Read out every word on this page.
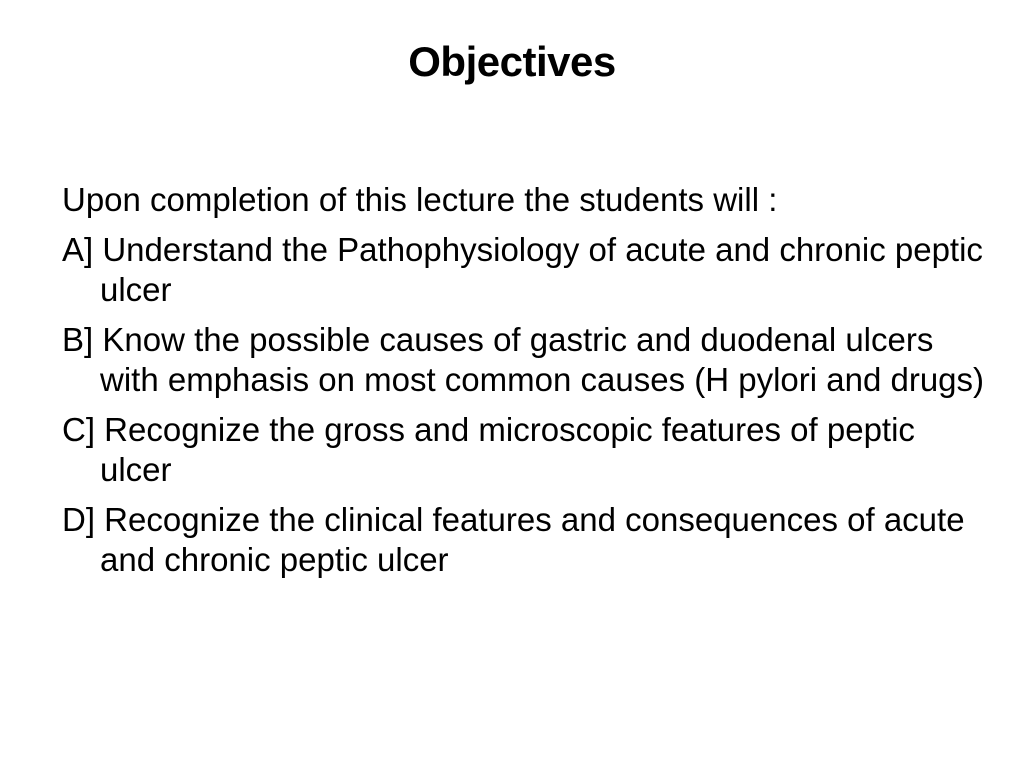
Objectives

Upon completion of this lecture the students will :

A] Understand the Pathophysiology of acute and chronic peptic ulcer

B] Know the possible causes of gastric and duodenal ulcers with emphasis on most common causes (H pylori and drugs)

C] Recognize the gross and microscopic features of peptic ulcer

D] Recognize the clinical features and consequences of acute and chronic peptic ulcer
